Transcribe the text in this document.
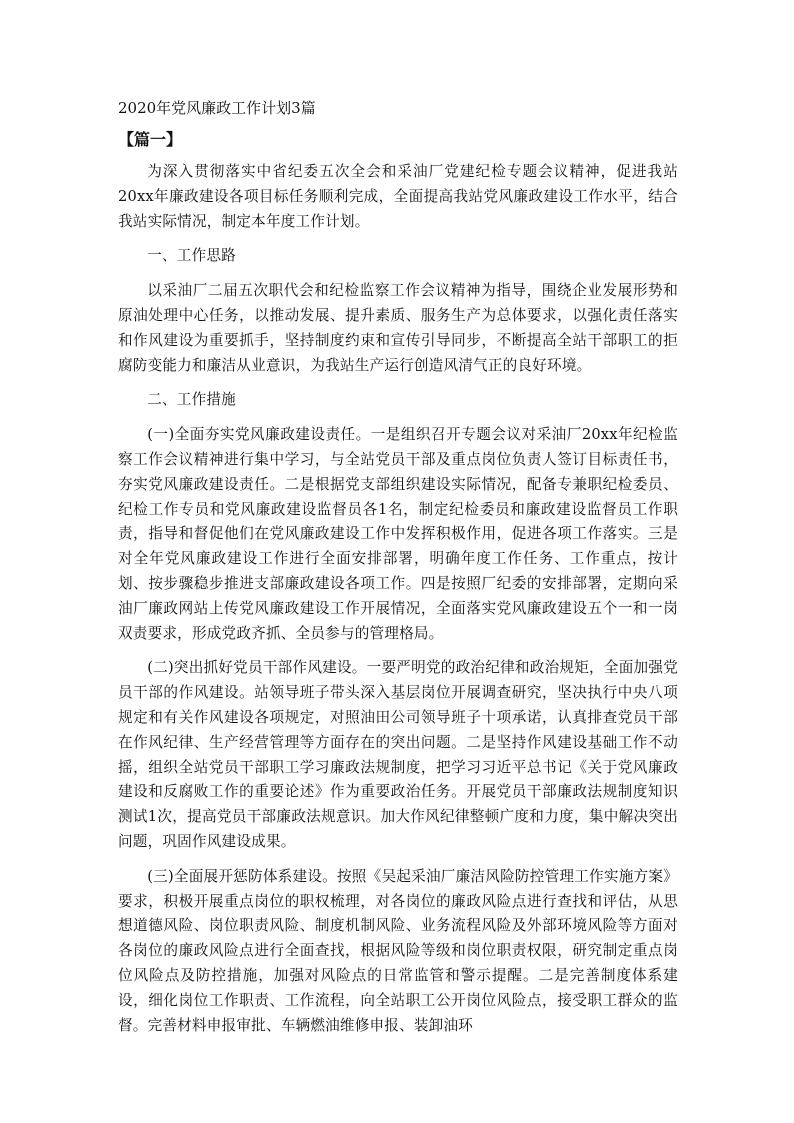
2020年党风廉政工作计划3篇
【篇一】

为深入贯彻落实中省纪委五次全会和采油厂党建纪检专题会议精神，促进我站20xx年廉政建设各项目标任务顺利完成，全面提高我站党风廉政建设工作水平，结合我站实际情况，制定本年度工作计划。

一、工作思路

以采油厂二届五次职代会和纪检监察工作会议精神为指导，围绕企业发展形势和原油处理中心任务，以推动发展、提升素质、服务生产为总体要求，以强化责任落实和作风建设为重要抓手，坚持制度约束和宣传引导同步，不断提高全站干部职工的拒腐防变能力和廉洁从业意识，为我站生产运行创造风清气正的良好环境。

二、工作措施

(一)全面夯实党风廉政建设责任。一是组织召开专题会议对采油厂20xx年纪检监察工作会议精神进行集中学习，与全站党员干部及重点岗位负责人签订目标责任书，夯实党风廉政建设责任。二是根据党支部组织建设实际情况，配备专兼职纪检委员、纪检工作专员和党风廉政建设监督员各1名，制定纪检委员和廉政建设监督员工作职责，指导和督促他们在党风廉政建设工作中发挥积极作用，促进各项工作落实。三是对全年党风廉政建设工作进行全面安排部署，明确年度工作任务、工作重点，按计划、按步骤稳步推进支部廉政建设各项工作。四是按照厂纪委的安排部署，定期向采油厂廉政网站上传党风廉政建设工作开展情况，全面落实党风廉政建设五个一和一岗双责要求，形成党政齐抓、全员参与的管理格局。

(二)突出抓好党员干部作风建设。一要严明党的政治纪律和政治规矩，全面加强党员干部的作风建设。站领导班子带头深入基层岗位开展调查研究，坚决执行中央八项规定和有关作风建设各项规定，对照油田公司领导班子十项承诺，认真排查党员干部在作风纪律、生产经营管理等方面存在的突出问题。二是坚持作风建设基础工作不动摇，组织全站党员干部职工学习廉政法规制度，把学习习近平总书记《关于党风廉政建设和反腐败工作的重要论述》作为重要政治任务。开展党员干部廉政法规制度知识测试1次，提高党员干部廉政法规意识。加大作风纪律整顿广度和力度，集中解决突出问题，巩固作风建设成果。

(三)全面展开惩防体系建设。按照《吴起采油厂廉洁风险防控管理工作实施方案》要求，积极开展重点岗位的职权梳理，对各岗位的廉政风险点进行查找和评估，从思想道德风险、岗位职责风险、制度机制风险、业务流程风险及外部环境风险等方面对各岗位的廉政风险点进行全面查找，根据风险等级和岗位职责权限，研究制定重点岗位风险点及防控措施，加强对风险点的日常监管和警示提醒。二是完善制度体系建设，细化岗位工作职责、工作流程，向全站职工公开岗位风险点，接受职工群众的监督。完善材料申报审批、车辆燃油维修申报、装卸油环
